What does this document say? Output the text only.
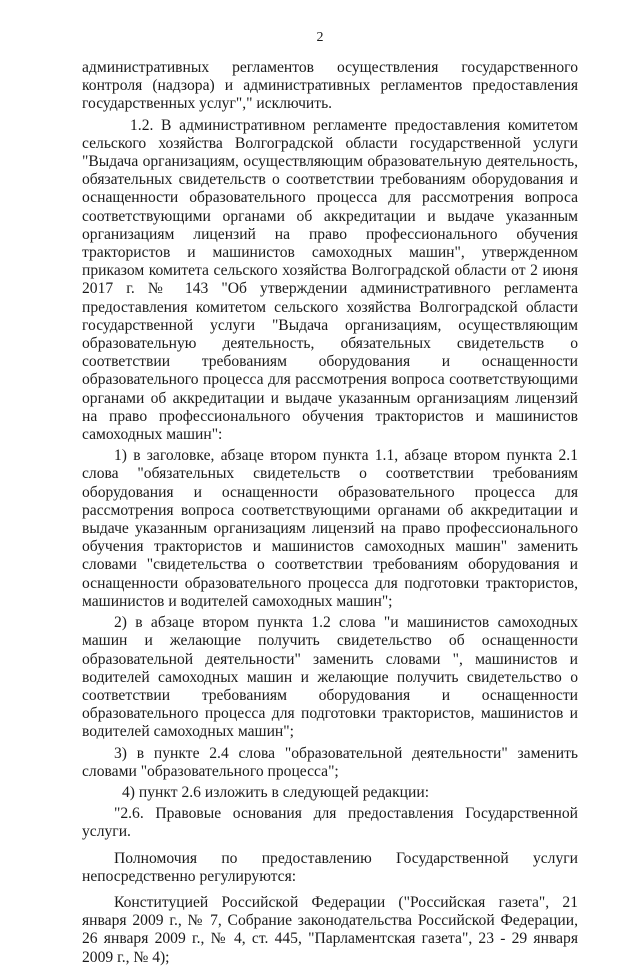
2

административных регламентов осуществления государственного контроля (надзора) и административных регламентов предоставления государственных услуг"," исключить.

1.2. В административном регламенте предоставления комитетом сельского хозяйства Волгоградской области государственной услуги "Выдача организациям, осуществляющим образовательную деятельность, обязательных свидетельств о соответствии требованиям оборудования и оснащенности образовательного процесса для рассмотрения вопроса соответствующими органами об аккредитации и выдаче указанным организациям лицензий на право профессионального обучения трактористов и машинистов самоходных машин", утвержденном приказом комитета сельского хозяйства Волгоградской области от 2 июня 2017 г. № 143 "Об утверждении административного регламента предоставления комитетом сельского хозяйства Волгоградской области государственной услуги "Выдача организациям, осуществляющим образовательную деятельность, обязательных свидетельств о соответствии требованиям оборудования и оснащенности образовательного процесса для рассмотрения вопроса соответствующими органами об аккредитации и выдаче указанным организациям лицензий на право профессионального обучения трактористов и машинистов самоходных машин":

1) в заголовке, абзаце втором пункта 1.1, абзаце втором пункта 2.1 слова "обязательных свидетельств о соответствии требованиям оборудования и оснащенности образовательного процесса для рассмотрения вопроса соответствующими органами об аккредитации и выдаче указанным организациям лицензий на право профессионального обучения трактористов и машинистов самоходных машин" заменить словами "свидетельства о соответствии требованиям оборудования и оснащенности образовательного процесса для подготовки трактористов, машинистов и водителей самоходных машин";

2) в абзаце втором пункта 1.2 слова "и машинистов самоходных машин и желающие получить свидетельство об оснащенности образовательной деятельности" заменить словами ", машинистов и водителей самоходных машин и желающие получить свидетельство о соответствии требованиям оборудования и оснащенности образовательного процесса для подготовки трактористов, машинистов и водителей самоходных машин";

3) в пункте 2.4 слова "образовательной деятельности" заменить словами "образовательного процесса";

4) пункт 2.6 изложить в следующей редакции:

"2.6. Правовые основания для предоставления Государственной услуги.

Полномочия по предоставлению Государственной услуги непосредственно регулируются:

Конституцией Российской Федерации ("Российская газета", 21 января 2009 г., № 7, Собрание законодательства Российской Федерации, 26 января 2009 г., № 4, ст. 445, "Парламентская газета", 23 - 29 января 2009 г., № 4);
